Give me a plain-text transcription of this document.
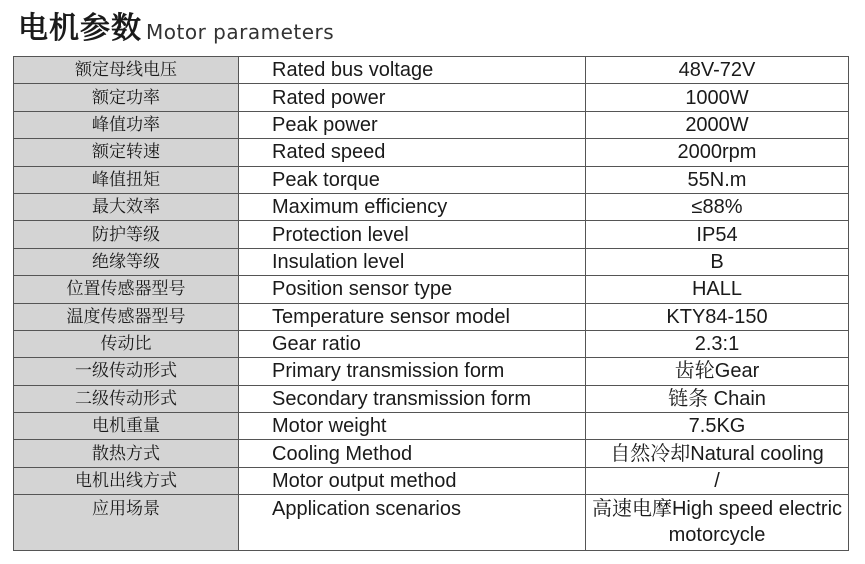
电机参数 Motor parameters
额定母线电压	Rated bus voltage	48V-72V
额定功率	Rated power	1000W
峰值功率	Peak power	2000W
额定转速	Rated speed	2000rpm
峰值扭矩	Peak torque	55N.m
最大效率	Maximum efficiency	≤88%
防护等级	Protection level	IP54
绝缘等级	Insulation level	B
位置传感器型号	Position sensor type	HALL
温度传感器型号	Temperature sensor model	KTY84-150
传动比	Gear ratio	2.3:1
一级传动形式	Primary transmission form	齿轮Gear
二级传动形式	Secondary transmission form	链条 Chain
电机重量	Motor weight	7.5KG
散热方式	Cooling Method	自然冷却Natural cooling
电机出线方式	Motor output method	/
应用场景	Application scenarios	高速电摩High speed electric motorcycle
